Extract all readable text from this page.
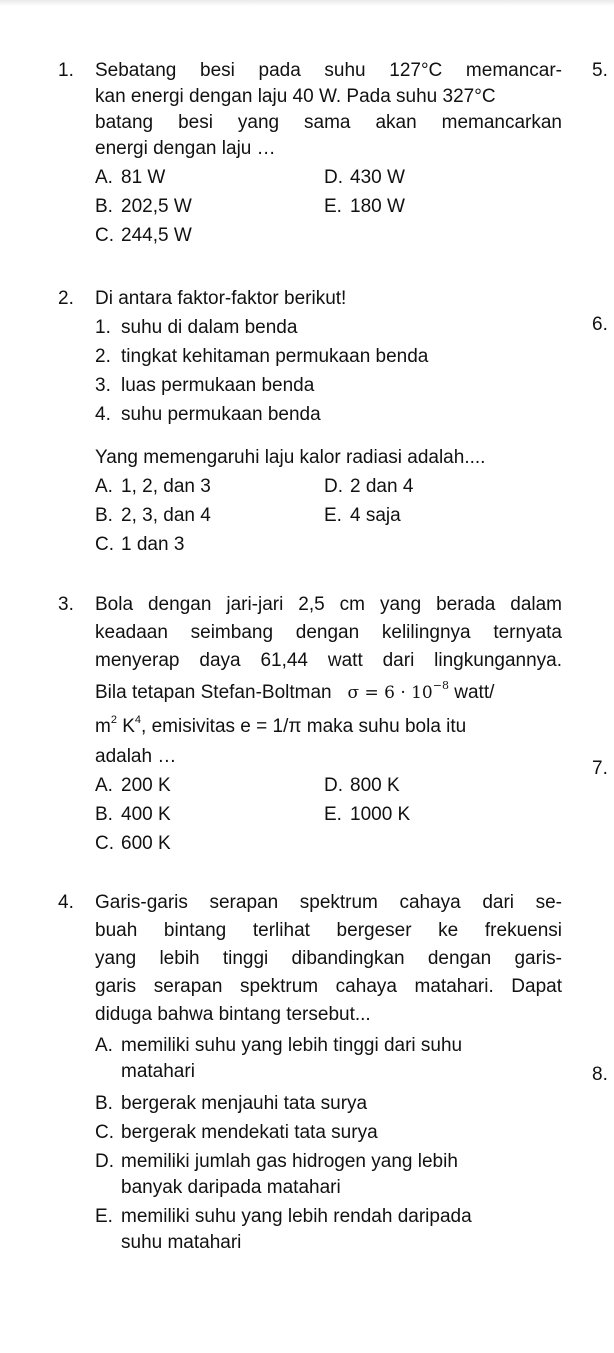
1.	Sebatang besi pada suhu 127°C memancar-
kan energi dengan laju 40 W. Pada suhu 327°C
batang besi yang sama akan memancarkan
energi dengan laju …
A. 81 W	D. 430 W
B. 202,5 W	E. 180 W
C. 244,5 W
2.	Di antara faktor-faktor berikut!
1. suhu di dalam benda
2. tingkat kehitaman permukaan benda
3. luas permukaan benda
4. suhu permukaan benda
Yang memengaruhi laju kalor radiasi adalah....
A. 1, 2, dan 3	D. 2 dan 4
B. 2, 3, dan 4	E. 4 saja
C. 1 dan 3
3.	Bola dengan jari-jari 2,5 cm yang berada dalam
keadaan seimbang dengan kelilingnya ternyata
menyerap daya 61,44 watt dari lingkungannya.
Bila tetapan Stefan-Boltman $\sigma = 6 \cdot 10^{-8}$ watt/
$m^2$ $K^4$, emisivitas e = 1/π maka suhu bola itu
adalah …
A. 200 K	D. 800 K
B. 400 K	E. 1000 K
C. 600 K
4.	Garis-garis serapan spektrum cahaya dari se-
buah bintang terlihat bergeser ke frekuensi
yang lebih tinggi dibandingkan dengan garis-
garis serapan spektrum cahaya matahari. Dapat
diduga bahwa bintang tersebut...
A. memiliki suhu yang lebih tinggi dari suhu
matahari
B. bergerak menjauhi tata surya
C. bergerak mendekati tata surya
D. memiliki jumlah gas hidrogen yang lebih
banyak daripada matahari
E. memiliki suhu yang lebih rendah daripada
suhu matahari
5.
6.
7.
8.
